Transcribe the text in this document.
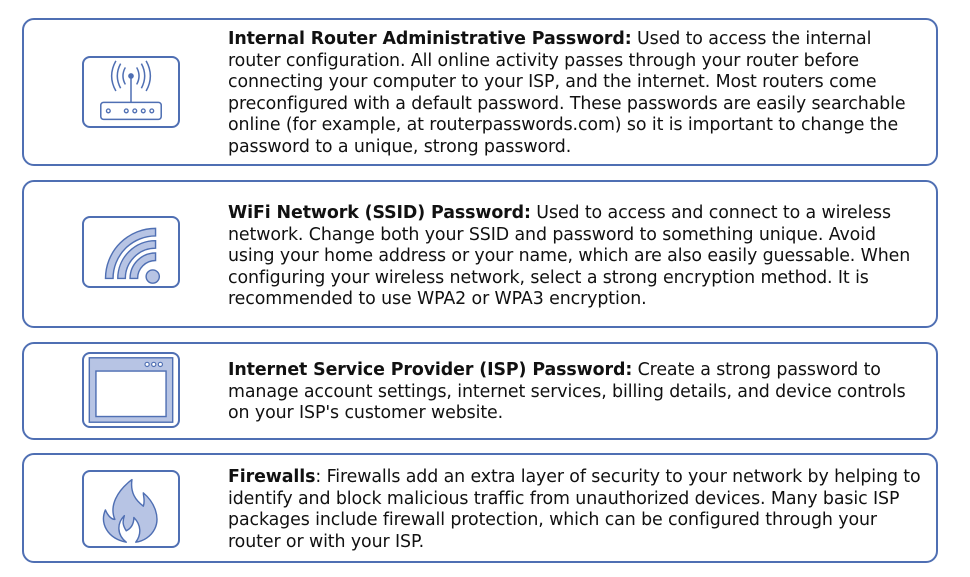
Internal Router Administrative Password: Used to access the internal router configuration. All online activity passes through your router before connecting your computer to your ISP, and the internet. Most routers come preconfigured with a default password. These passwords are easily searchable online (for example, at routerpasswords.com) so it is important to change the password to a unique, strong password.
WiFi Network (SSID) Password: Used to access and connect to a wireless network. Change both your SSID and password to something unique. Avoid using your home address or your name, which are also easily guessable. When configuring your wireless network, select a strong encryption method. It is recommended to use WPA2 or WPA3 encryption.
Internet Service Provider (ISP) Password: Create a strong password to manage account settings, internet services, billing details, and device controls on your ISP's customer website.
Firewalls: Firewalls add an extra layer of security to your network by helping to identify and block malicious traffic from unauthorized devices. Many basic ISP packages include firewall protection, which can be configured through your router or with your ISP.
